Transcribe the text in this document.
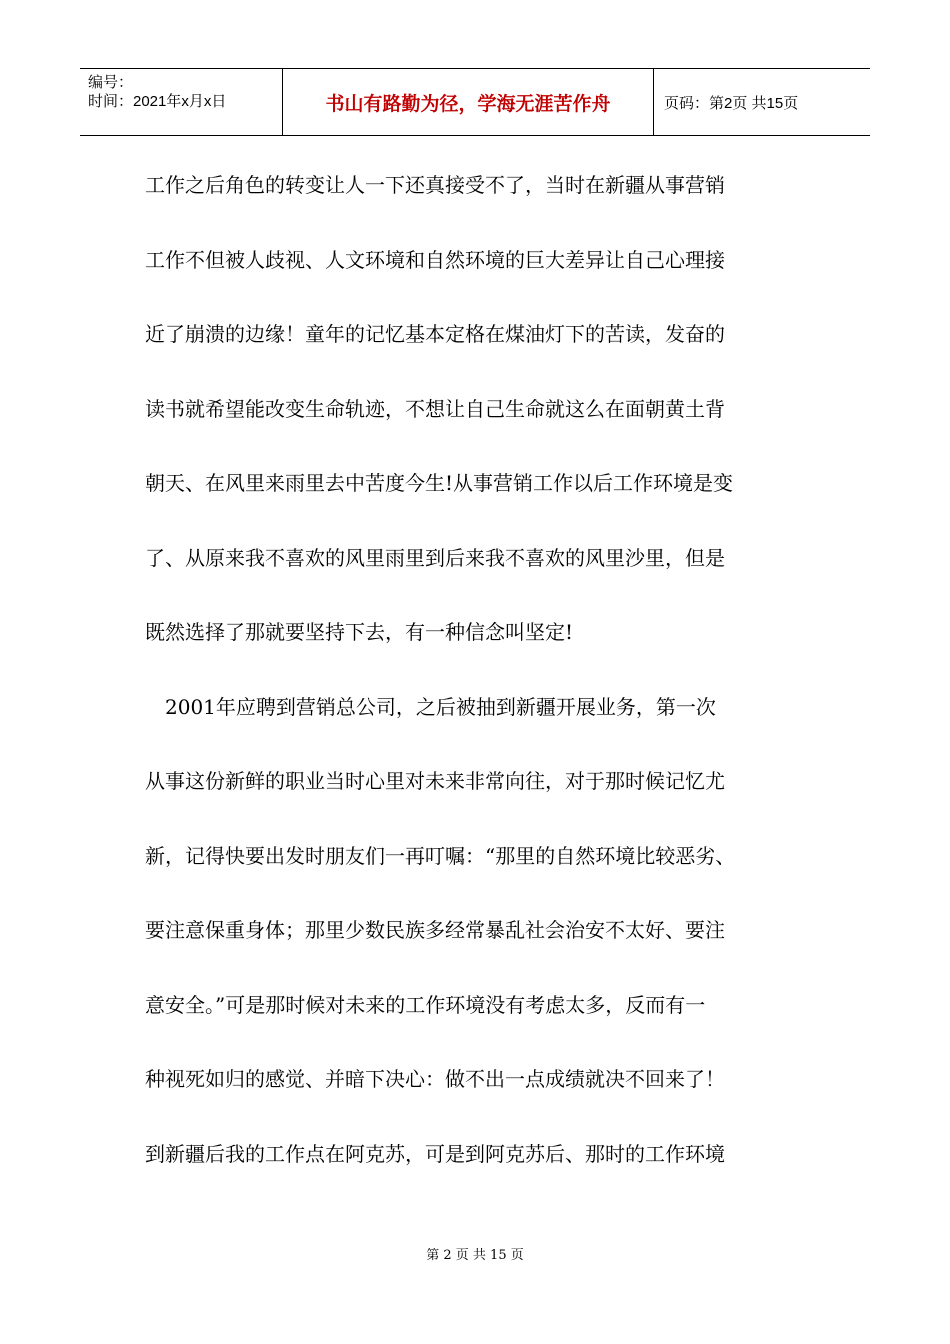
编号：
时间：2021年x月x日	书山有路勤为径，学海无涯苦作舟	页码：第2页 共15页
工作之后角色的转变让人一下还真接受不了，当时在新疆从事营销
工作不但被人歧视、人文环境和自然环境的巨大差异让自己心理接
近了崩溃的边缘！童年的记忆基本定格在煤油灯下的苦读，发奋的
读书就希望能改变生命轨迹，不想让自己生命就这么在面朝黄土背
朝天、在风里来雨里去中苦度今生!从事营销工作以后工作环境是变
了、从原来我不喜欢的风里雨里到后来我不喜欢的风里沙里，但是
既然选择了那就要坚持下去，有一种信念叫坚定!
　2001年应聘到营销总公司，之后被抽到新疆开展业务，第一次
从事这份新鲜的职业当时心里对未来非常向往，对于那时候记忆尤
新，记得快要出发时朋友们一再叮嘱：“那里的自然环境比较恶劣、
要注意保重身体；那里少数民族多经常暴乱社会治安不太好、要注
意安全。”可是那时候对未来的工作环境没有考虑太多，反而有一
种视死如归的感觉、并暗下决心：做不出一点成绩就决不回来了！
到新疆后我的工作点在阿克苏，可是到阿克苏后、那时的工作环境
第 2 页 共 15 页
